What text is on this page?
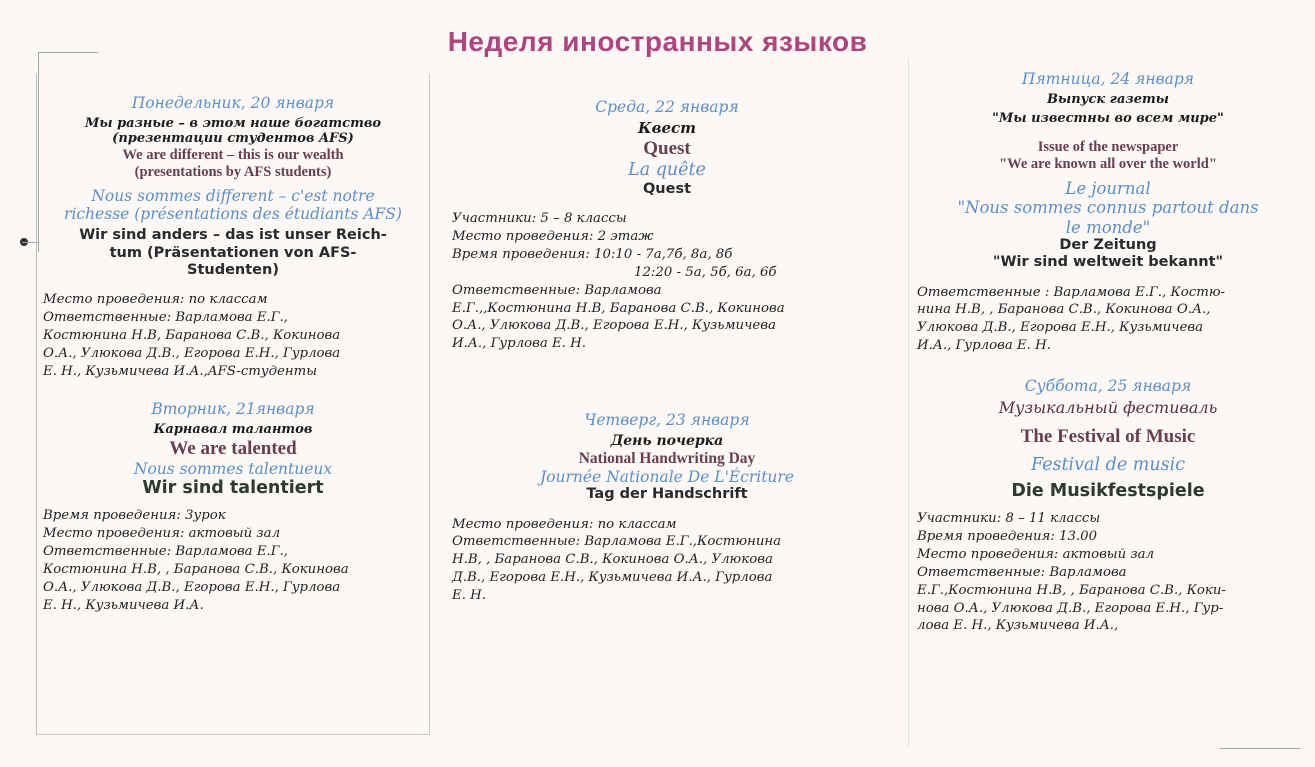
Неделя иностранных языков

Понедельник, 20 января

Мы разные – в этом наше богатство

(презентации студентов AFS)

We are different – this is our wealth

(presentations by AFS students)

Nous sommes different – c'est notre

richesse (présentations des étudiants AFS)

Wir sind anders – das ist unser Reich-

tum (Präsentationen von AFS-

Studenten)

Место проведения: по классам

Ответственные: Варламова Е.Г.,

Костюнина Н.В, Баранова С.В., Кокинова

О.А., Улюкова Д.В., Егорова Е.Н., Гурлова

Е. Н., Кузьмичева И.А.,AFS-студенты

Вторник, 21января

Карнавал талантов

We are talented

Nous sommes talentueux

Wir sind talentiert

Время проведения: 3урок

Место проведения: актовый зал

Ответственные: Варламова Е.Г.,

Костюнина Н.В, , Баранова С.В., Кокинова

О.А., Улюкова Д.В., Егорова Е.Н., Гурлова

Е. Н., Кузьмичева И.А.

Среда, 22 января

Квест

Quest

La quête

Quest

Участники: 5 – 8 классы

Место проведения: 2 этаж

Время проведения: 10:10 - 7а,7б, 8а, 8б

12:20 - 5а, 5б, 6а, 6б

Ответственные: Варламова

Е.Г.,,Костюнина Н.В, Баранова С.В., Кокинова

О.А., Улюкова Д.В., Егорова Е.Н., Кузьмичева

И.А., Гурлова Е. Н.

Четверг, 23 января

День почерка

National Handwriting Day

Journée Nationale De L'Écriture

Tag der Handschrift

Место проведения: по классам

Ответственные: Варламова Е.Г.,Костюнина

Н.В, , Баранова С.В., Кокинова О.А., Улюкова

Д.В., Егорова Е.Н., Кузьмичева И.А., Гурлова

Е. Н.

Пятница, 24 января

Выпуск газеты

"Мы известны во всем мире"

Issue of the newspaper

"We are known all over the world"

Le journal

"Nous sommes connus partout dans

le monde"

Der Zeitung

"Wir sind weltweit bekannt"

Ответственные : Варламова Е.Г., Костю-

нина Н.В, , Баранова С.В., Кокинова О.А.,

Улюкова Д.В., Егорова Е.Н., Кузьмичева

И.А., Гурлова Е. Н.

Суббота, 25 января

Музыкальный фестиваль

The Festival of Music

Festival de music

Die Musikfestspiele

Участники: 8 – 11 классы

Время проведения: 13.00

Место проведения: актовый зал

Ответственные: Варламова

Е.Г.,Костюнина Н.В, , Баранова С.В., Коки-

нова О.А., Улюкова Д.В., Егорова Е.Н., Гур-

лова Е. Н., Кузьмичева И.А.,
